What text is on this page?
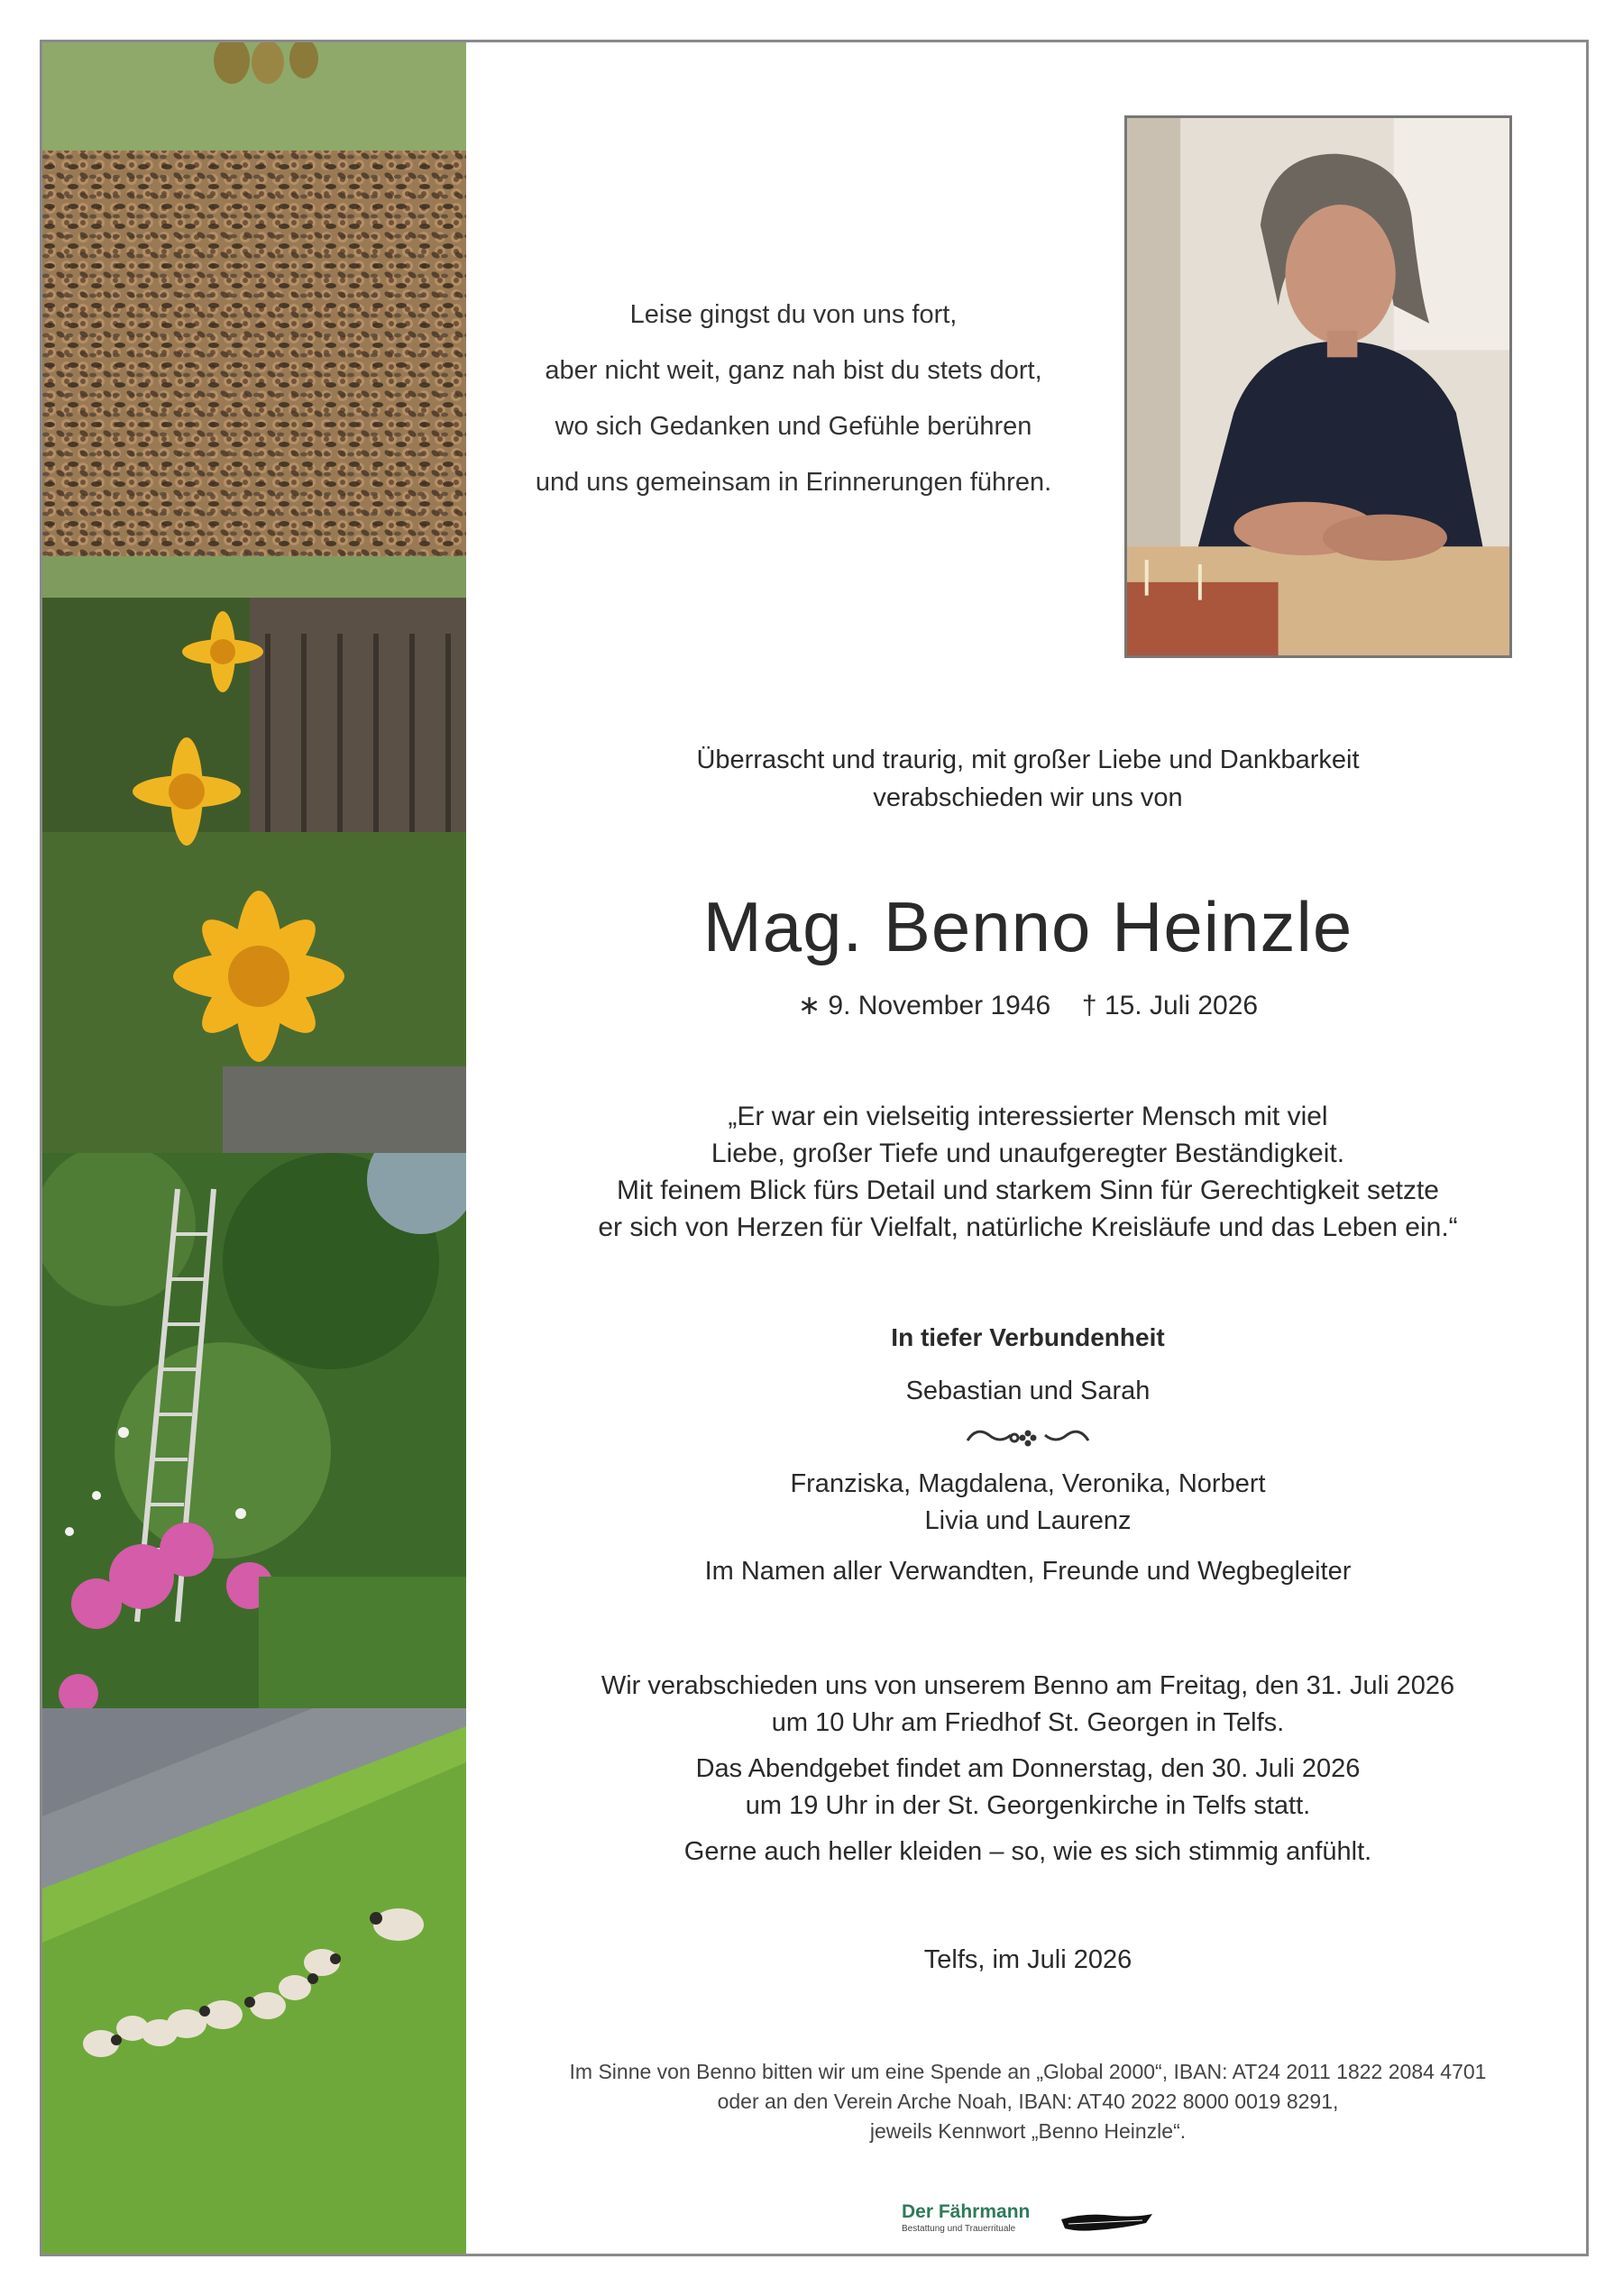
Leise gingst du von uns fort,
aber nicht weit, ganz nah bist du stets dort,
wo sich Gedanken und Gefühle berühren
und uns gemeinsam in Erinnerungen führen.
Überrascht und traurig, mit großer Liebe und Dankbarkeit
verabschieden wir uns von
Mag. Benno Heinzle
∗ 9. November 1946 † 15. Juli 2026
„Er war ein vielseitig interessierter Mensch mit viel
Liebe, großer Tiefe und unaufgeregter Beständigkeit.
Mit feinem Blick fürs Detail und starkem Sinn für Gerechtigkeit setzte
er sich von Herzen für Vielfalt, natürliche Kreisläufe und das Leben ein.“
In tiefer Verbundenheit
Sebastian und Sarah
Franziska, Magdalena, Veronika, Norbert
Livia und Laurenz
Im Namen aller Verwandten, Freunde und Wegbegleiter
Wir verabschieden uns von unserem Benno am Freitag, den 31. Juli 2026
um 10 Uhr am Friedhof St. Georgen in Telfs.
Das Abendgebet findet am Donnerstag, den 30. Juli 2026
um 19 Uhr in der St. Georgenkirche in Telfs statt.
Gerne auch heller kleiden – so, wie es sich stimmig anfühlt.
Telfs, im Juli 2026
Im Sinne von Benno bitten wir um eine Spende an „Global 2000“, IBAN: AT24 2011 1822 2084 4701
oder an den Verein Arche Noah, IBAN: AT40 2022 8000 0019 8291,
jeweils Kennwort „Benno Heinzle“.
Der Fährmann
Bestattung und Trauerrituale
